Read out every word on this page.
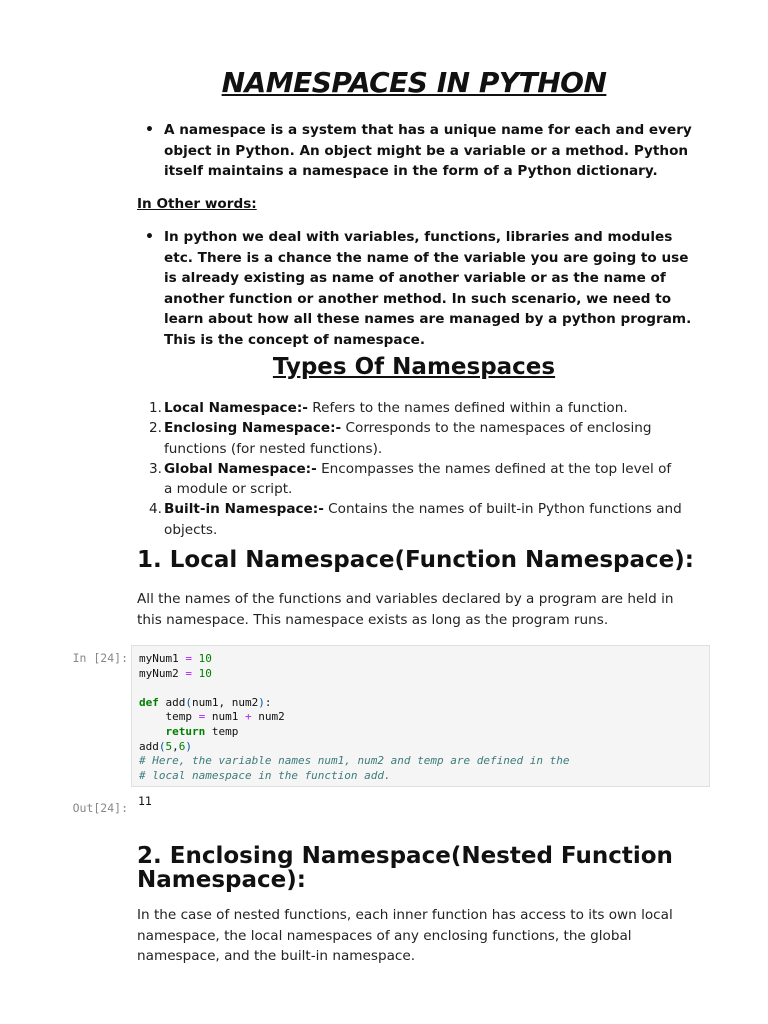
NAMESPACES IN PYTHON
• A namespace is a system that has a unique name for each and every object in Python. An object might be a variable or a method. Python itself maintains a namespace in the form of a Python dictionary.

In Other words:

• In python we deal with variables, functions, libraries and modules etc. There is a chance the name of the variable you are going to use is already existing as name of another variable or as the name of another function or another method. In such scenario, we need to learn about how all these names are managed by a python program. This is the concept of namespace.
Types Of Namespaces
1. Local Namespace:- Refers to the names defined within a function.
2. Enclosing Namespace:- Corresponds to the namespaces of enclosing functions (for nested functions).
3. Global Namespace:- Encompasses the names defined at the top level of a module or script.
4. Built-in Namespace:- Contains the names of built-in Python functions and objects.
1. Local Namespace(Function Namespace):

All the names of the functions and variables declared by a program are held in this namespace. This namespace exists as long as the program runs.

In [24]: myNum1 = 10
myNum2 = 10

def add(num1, num2):
temp = num1 + num2
return temp
add(5,6)
# Here, the variable names num1, num2 and temp are defined in the
# local namespace in the function add.
Out[24]: 11
2. Enclosing Namespace(Nested Function Namespace):

In the case of nested functions, each inner function has access to its own local namespace, the local namespaces of any enclosing functions, the global namespace, and the built-in namespace.
